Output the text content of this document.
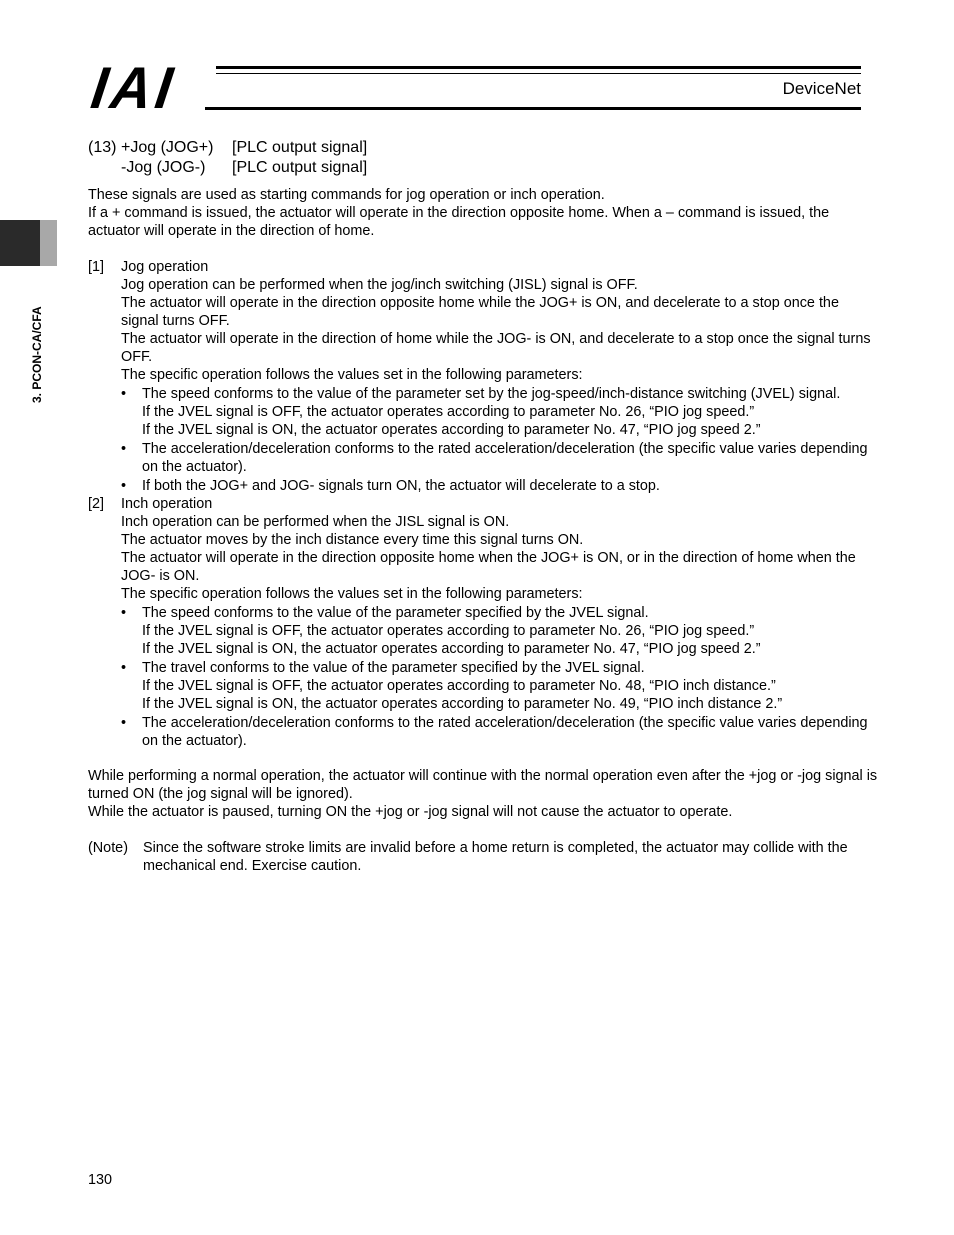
IAI	DeviceNet
3. PCON-CA/CFA
(13) +Jog (JOG+)	[PLC output signal]
-Jog (JOG-)	[PLC output signal]

These signals are used as starting commands for jog operation or inch operation.

If a + command is issued, the actuator will operate in the direction opposite home. When a – command is issued, the actuator will operate in the direction of home.

[1]	Jog operation

Jog operation can be performed when the jog/inch switching (JISL) signal is OFF.

The actuator will operate in the direction opposite home while the JOG+ is ON, and decelerate to a stop once the signal turns OFF.

The actuator will operate in the direction of home while the JOG- is ON, and decelerate to a stop once the signal turns OFF.

The specific operation follows the values set in the following parameters:

•	The speed conforms to the value of the parameter set by the jog-speed/inch-distance switching (JVEL) signal.

If the JVEL signal is OFF, the actuator operates according to parameter No. 26, “PIO jog speed.”

If the JVEL signal is ON, the actuator operates according to parameter No. 47, “PIO jog speed 2.”

•	The acceleration/deceleration conforms to the rated acceleration/deceleration (the specific value varies depending on the actuator).

•	If both the JOG+ and JOG- signals turn ON, the actuator will decelerate to a stop.

[2]	Inch operation

Inch operation can be performed when the JISL signal is ON.

The actuator moves by the inch distance every time this signal turns ON.

The actuator will operate in the direction opposite home when the JOG+ is ON, or in the direction of home when the JOG- is ON.

The specific operation follows the values set in the following parameters:

•	The speed conforms to the value of the parameter specified by the JVEL signal.

If the JVEL signal is OFF, the actuator operates according to parameter No. 26, “PIO jog speed.”

If the JVEL signal is ON, the actuator operates according to parameter No. 47, “PIO jog speed 2.”

•	The travel conforms to the value of the parameter specified by the JVEL signal.

If the JVEL signal is OFF, the actuator operates according to parameter No. 48, “PIO inch distance.”

If the JVEL signal is ON, the actuator operates according to parameter No. 49, “PIO inch distance 2.”

•	The acceleration/deceleration conforms to the rated acceleration/deceleration (the specific value varies depending on the actuator).

While performing a normal operation, the actuator will continue with the normal operation even after the +jog or -jog signal is turned ON (the jog signal will be ignored).

While the actuator is paused, turning ON the +jog or -jog signal will not cause the actuator to operate.

(Note)	Since the software stroke limits are invalid before a home return is completed, the actuator may collide with the mechanical end. Exercise caution.
130
